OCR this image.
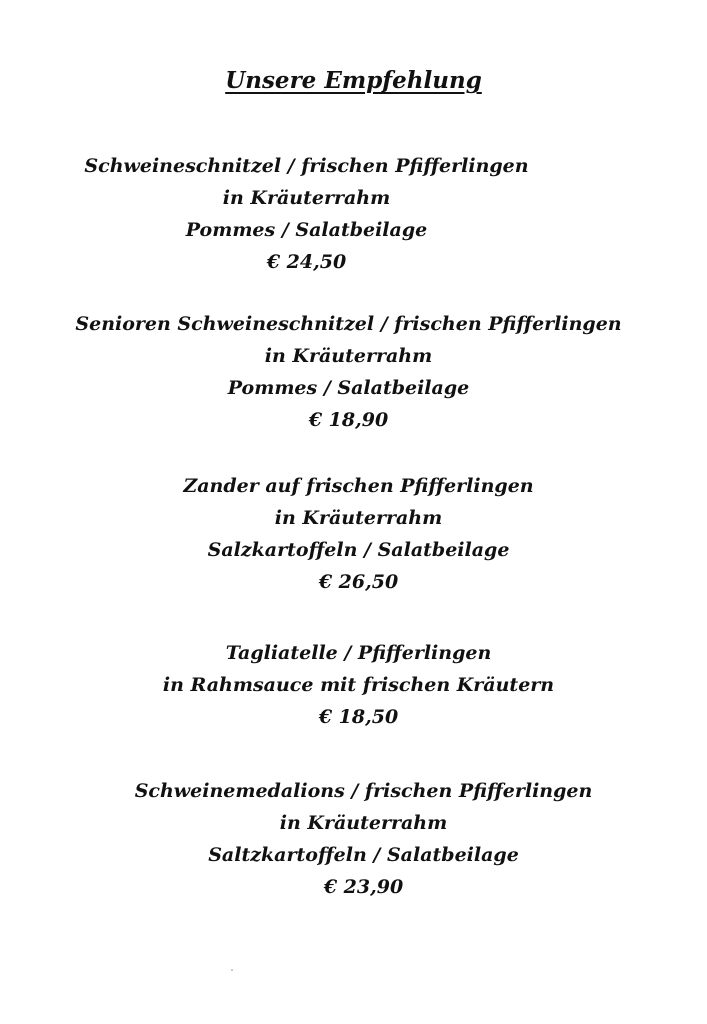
Unsere Empfehlung
Schweineschnitzel / frischen Pfifferlingen
in Kräuterrahm
Pommes / Salatbeilage
€ 24,50
Senioren Schweineschnitzel / frischen Pfifferlingen
in Kräuterrahm
Pommes / Salatbeilage
€ 18,90
Zander auf frischen Pfifferlingen
in Kräuterrahm
Salzkartoffeln / Salatbeilage
€ 26,50
Tagliatelle / Pfifferlingen
in Rahmsauce mit frischen Kräutern
€ 18,50
Schweinemedalions / frischen Pfifferlingen
in Kräuterrahm
Saltzkartoffeln / Salatbeilage
€ 23,90
